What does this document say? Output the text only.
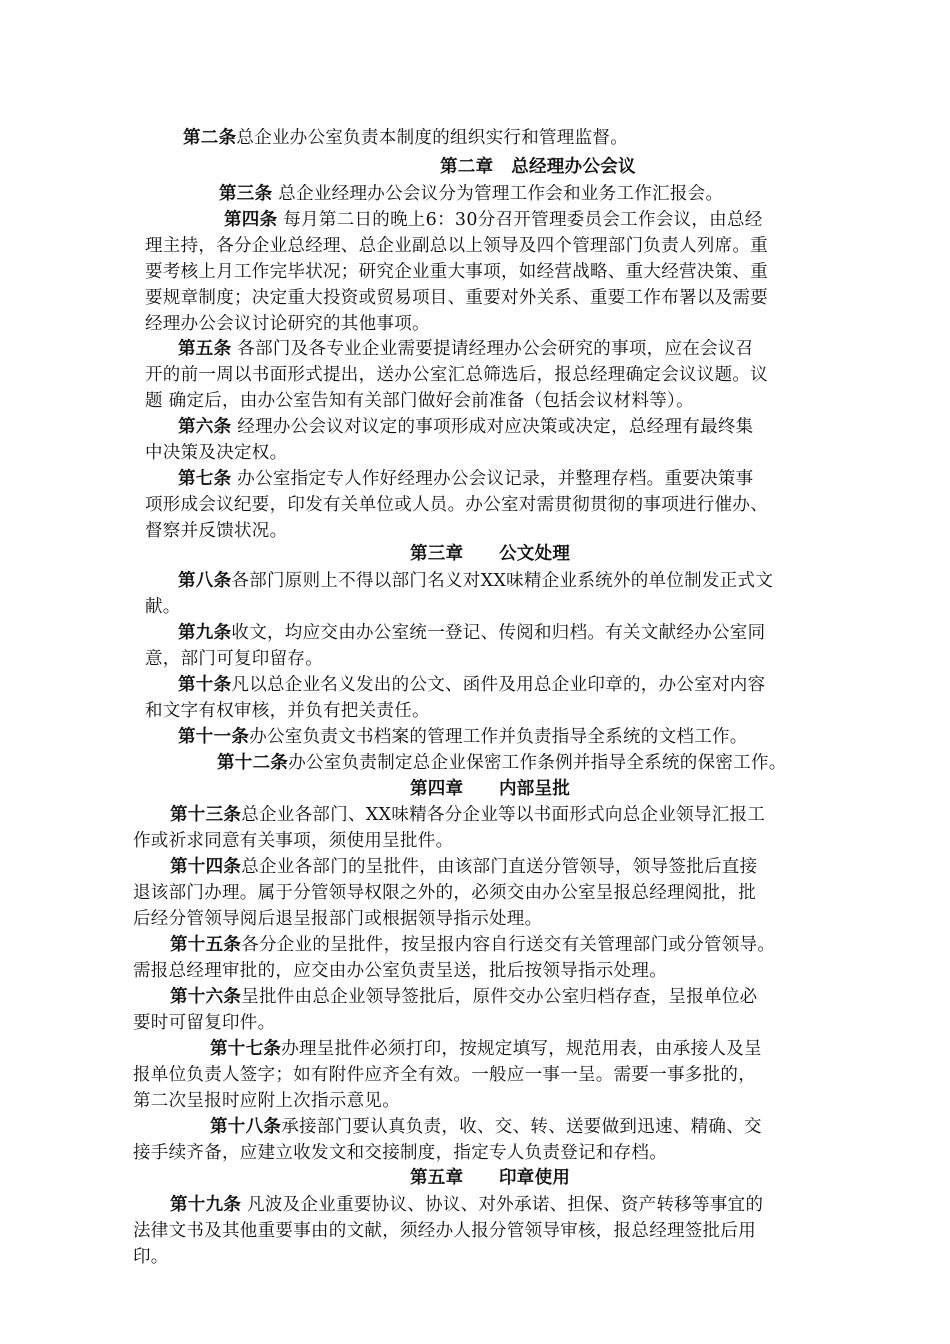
第二条总企业办公室负责本制度的组织实行和管理监督。
第二章　总经理办公会议
第三条 总企业经理办公会议分为管理工作会和业务工作汇报会。
第四条 每月第二日的晚上6：30分召开管理委员会工作会议，由总经
理主持，各分企业总经理、总企业副总以上领导及四个管理部门负责人列席。重
要考核上月工作完毕状况；研究企业重大事项，如经营战略、重大经营决策、重
要规章制度；决定重大投资或贸易项目、重要对外关系、重要工作布署以及需要
经理办公会议讨论研究的其他事项。
第五条 各部门及各专业企业需要提请经理办公会研究的事项，应在会议召
开的前一周以书面形式提出，送办公室汇总筛选后，报总经理确定会议议题。议
题 确定后，由办公室告知有关部门做好会前准备（包括会议材料等）。
第六条 经理办公会议对议定的事项形成对应决策或决定，总经理有最终集
中决策及决定权。
第七条 办公室指定专人作好经理办公会议记录，并整理存档。重要决策事
项形成会议纪要，印发有关单位或人员。办公室对需贯彻贯彻的事项进行催办、
督察并反馈状况。
第三章　　公文处理
第八条各部门原则上不得以部门名义对XX味精企业系统外的单位制发正式文
献。
第九条收文，均应交由办公室统一登记、传阅和归档。有关文献经办公室同
意，部门可复印留存。
第十条凡以总企业名义发出的公文、函件及用总企业印章的，办公室对内容
和文字有权审核，并负有把关责任。
第十一条办公室负责文书档案的管理工作并负责指导全系统的文档工作。
第十二条办公室负责制定总企业保密工作条例并指导全系统的保密工作。
第四章　　内部呈批
第十三条总企业各部门、XX味精各分企业等以书面形式向总企业领导汇报工
作或祈求同意有关事项，须使用呈批件。
第十四条总企业各部门的呈批件，由该部门直送分管领导，领导签批后直接
退该部门办理。属于分管领导权限之外的，必须交由办公室呈报总经理阅批，批
后经分管领导阅后退呈报部门或根据领导指示处理。
第十五条各分企业的呈批件，按呈报内容自行送交有关管理部门或分管领导。
需报总经理审批的，应交由办公室负责呈送，批后按领导指示处理。
第十六条呈批件由总企业领导签批后，原件交办公室归档存查，呈报单位必
要时可留复印件。
第十七条办理呈批件必须打印，按规定填写，规范用表，由承接人及呈
报单位负责人签字；如有附件应齐全有效。一般应一事一呈。需要一事多批的，
第二次呈报时应附上次指示意见。
第十八条承接部门要认真负责，收、交、转、送要做到迅速、精确、交
接手续齐备，应建立收发文和交接制度，指定专人负责登记和存档。
第五章　　印章使用
第十九条 凡波及企业重要协议、协议、对外承诺、担保、资产转移等事宜的
法律文书及其他重要事由的文献，须经办人报分管领导审核，报总经理签批后用
印。
